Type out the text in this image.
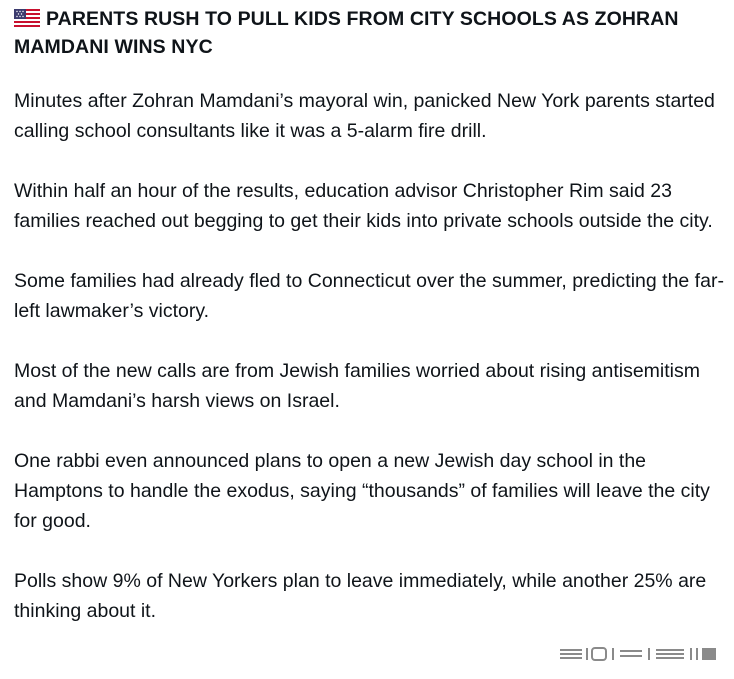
PARENTS RUSH TO PULL KIDS FROM CITY SCHOOLS AS ZOHRAN MAMDANI WINS NYC

Minutes after Zohran Mamdani’s mayoral win, panicked New York parents started calling school consultants like it was a 5-alarm fire drill.

Within half an hour of the results, education advisor Christopher Rim said 23 families reached out begging to get their kids into private schools outside the city.

Some families had already fled to Connecticut over the summer, predicting the far-left lawmaker’s victory.

Most of the new calls are from Jewish families worried about rising antisemitism and Mamdani’s harsh views on Israel.

One rabbi even announced plans to open a new Jewish day school in the Hamptons to handle the exodus, saying “thousands” of families will leave the city for good.

Polls show 9% of New Yorkers plan to leave immediately, while another 25% are thinking about it.
